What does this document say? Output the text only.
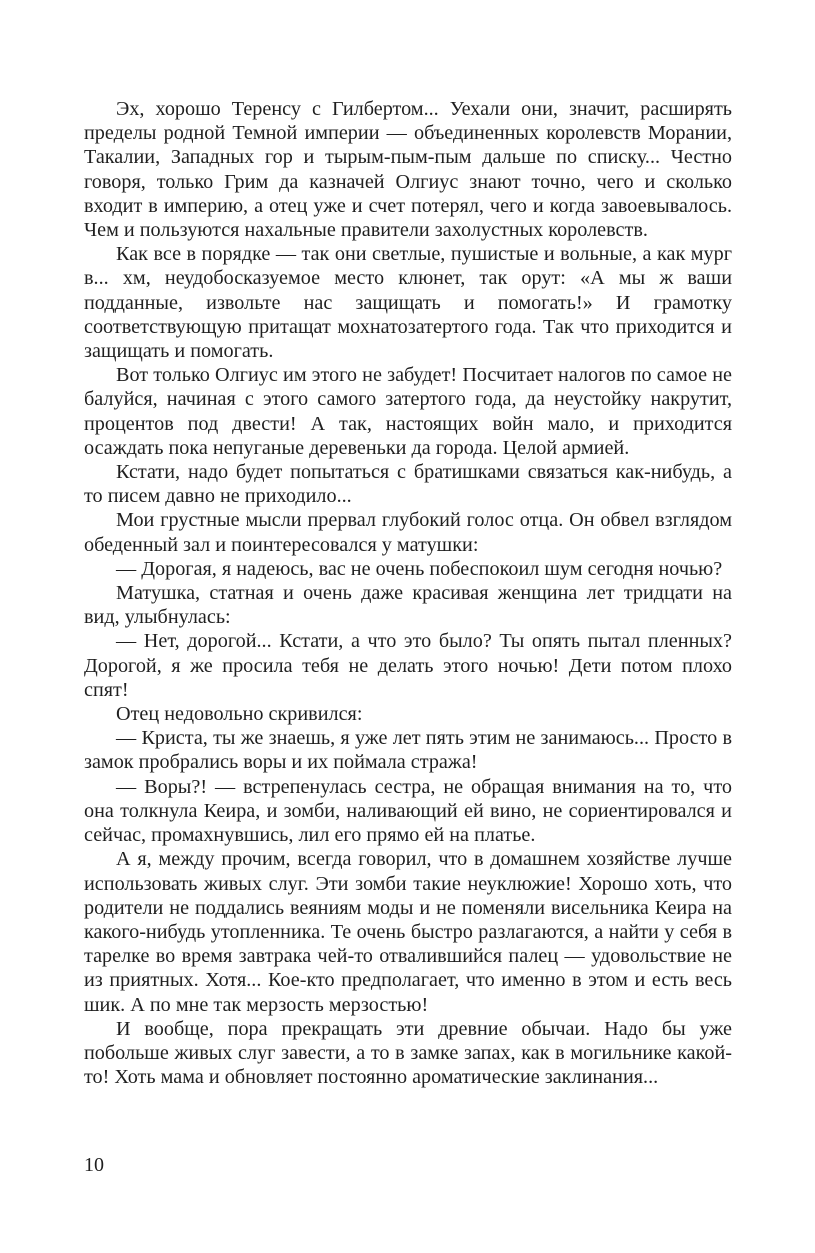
Эх, хорошо Теренсу с Гилбертом... Уехали они, значит, расширять пределы родной Темной империи — объединенных королевств Морании, Такалии, Западных гор и тырым-пым-пым дальше по списку... Честно говоря, только Грим да казначей Олгиус знают точно, чего и сколько входит в империю, а отец уже и счет потерял, чего и когда завоевывалось. Чем и пользуются нахальные правители захолустных королевств.

Как все в порядке — так они светлые, пушистые и вольные, а как мург в... хм, неудобосказуемое место клюнет, так орут: «А мы ж ваши подданные, извольте нас защищать и помогать!» И грамотку соответствующую притащат мохнатозатертого года. Так что приходится и защищать и помогать.

Вот только Олгиус им этого не забудет! Посчитает налогов по самое не балуйся, начиная с этого самого затертого года, да неустойку накрутит, процентов под двести! А так, настоящих войн мало, и приходится осаждать пока непуганые деревеньки да города. Целой армией.

Кстати, надо будет попытаться с братишками связаться как-нибудь, а то писем давно не приходило...

Мои грустные мысли прервал глубокий голос отца. Он обвел взглядом обеденный зал и поинтересовался у матушки:

— Дорогая, я надеюсь, вас не очень побеспокоил шум сегодня ночью?

Матушка, статная и очень даже красивая женщина лет тридцати на вид, улыбнулась:

— Нет, дорогой... Кстати, а что это было? Ты опять пытал пленных? Дорогой, я же просила тебя не делать этого ночью! Дети потом плохо спят!

Отец недовольно скривился:

— Криста, ты же знаешь, я уже лет пять этим не занимаюсь... Просто в замок пробрались воры и их поймала стража!

— Воры?! — встрепенулась сестра, не обращая внимания на то, что она толкнула Кеира, и зомби, наливающий ей вино, не сориентировался и сейчас, промахнувшись, лил его прямо ей на платье.

А я, между прочим, всегда говорил, что в домашнем хозяйстве лучше использовать живых слуг. Эти зомби такие неуклюжие! Хорошо хоть, что родители не поддались веяниям моды и не поменяли висельника Кеира на какого-нибудь утопленника. Те очень быстро разлагаются, а найти у себя в тарелке во время завтрака чей-то отвалившийся палец — удовольствие не из приятных. Хотя... Кое-кто предполагает, что именно в этом и есть весь шик. А по мне так мерзость мерзостью!

И вообще, пора прекращать эти древние обычаи. Надо бы уже побольше живых слуг завести, а то в замке запах, как в могильнике какой-то! Хоть мама и обновляет постоянно ароматические заклинания...

10
